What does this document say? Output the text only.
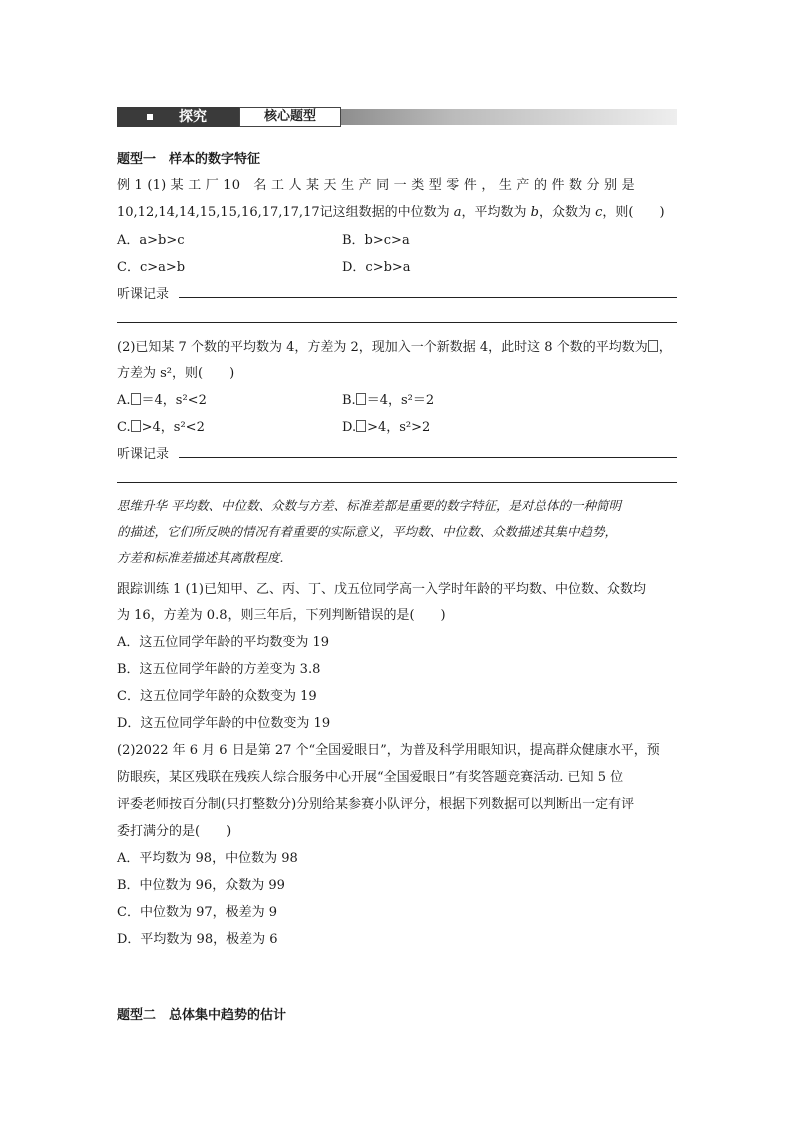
探究	核心题型
题型一　样本的数字特征
例 1 (1) 某 工 厂 10　名 工 人 某 天 生 产 同 一 类 型 零 件 ， 生 产 的 件 数 分 别 是
10,12,14,14,15,15,16,17,17,17记这组数据的中位数为 a，平均数为 b，众数为 c，则(　　)
A．a>b>c	B．b>c>a
C．c>a>b	D．c>b>a
听课记录
(2)已知某 7 个数的平均数为 4，方差为 2，现加入一个新数据 4，此时这 8 个数的平均数为 ，
方差为 s²，则(　　)
A. ＝4，s²<2	B. ＝4，s²＝2
C. >4，s²<2	D. >4，s²>2
听课记录
思维升华 平均数、中位数、众数与方差、标准差都是重要的数字特征，是对总体的一种简明
的描述，它们所反映的情况有着重要的实际意义，平均数、中位数、众数描述其集中趋势，
方差和标准差描述其离散程度.
跟踪训练 1 (1)已知甲、乙、丙、丁、戊五位同学高一入学时年龄的平均数、中位数、众数均
为 16，方差为 0.8，则三年后，下列判断错误的是(　　)
A．这五位同学年龄的平均数变为 19
B．这五位同学年龄的方差变为 3.8
C．这五位同学年龄的众数变为 19
D．这五位同学年龄的中位数变为 19
(2)2022 年 6 月 6 日是第 27 个“全国爱眼日”，为普及科学用眼知识，提高群众健康水平，预
防眼疾，某区残联在残疾人综合服务中心开展“全国爱眼日”有奖答题竞赛活动. 已知 5 位
评委老师按百分制(只打整数分)分别给某参赛小队评分，根据下列数据可以判断出一定有评
委打满分的是(　　)
A．平均数为 98，中位数为 98
B．中位数为 96，众数为 99
C．中位数为 97，极差为 9
D．平均数为 98，极差为 6
题型二　总体集中趋势的估计
